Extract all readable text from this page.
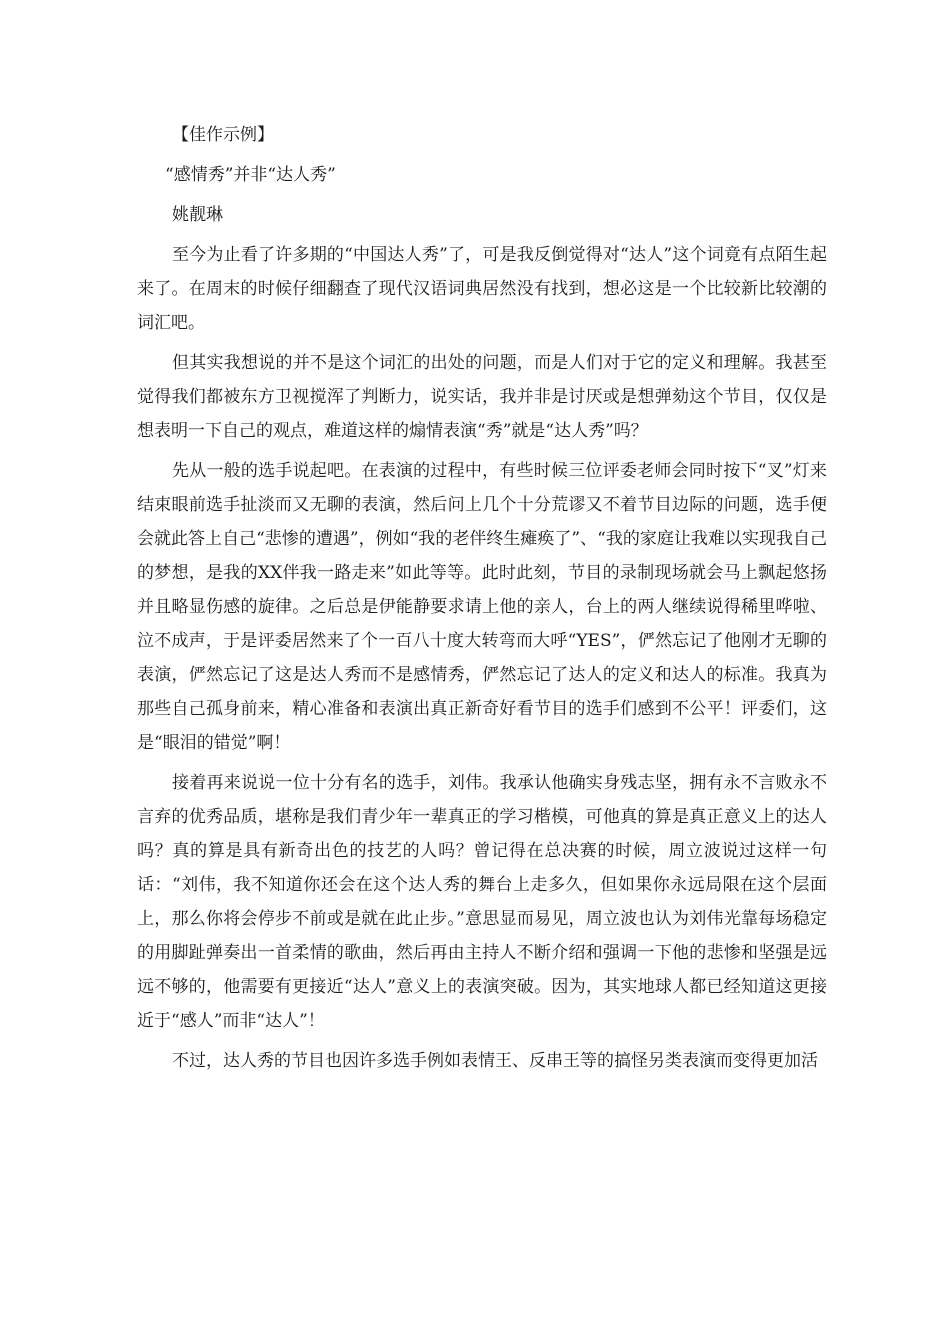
【佳作示例】

“感情秀”并非“达人秀”

姚靓琳

至今为止看了许多期的“中国达人秀”了，可是我反倒觉得对“达人”这个词竟有点陌生起来了。在周末的时候仔细翻查了现代汉语词典居然没有找到，想必这是一个比较新比较潮的词汇吧。

但其实我想说的并不是这个词汇的出处的问题，而是人们对于它的定义和理解。我甚至觉得我们都被东方卫视搅浑了判断力，说实话，我并非是讨厌或是想弹劾这个节目，仅仅是想表明一下自己的观点，难道这样的煽情表演“秀”就是“达人秀”吗？

先从一般的选手说起吧。在表演的过程中，有些时候三位评委老师会同时按下“叉”灯来结束眼前选手扯淡而又无聊的表演，然后问上几个十分荒谬又不着节目边际的问题，选手便会就此答上自己“悲惨的遭遇”，例如“我的老伴终生瘫痪了”、“我的家庭让我难以实现我自己的梦想，是我的XX伴我一路走来”如此等等。此时此刻，节目的录制现场就会马上飘起悠扬并且略显伤感的旋律。之后总是伊能静要求请上他的亲人，台上的两人继续说得稀里哗啦、泣不成声，于是评委居然来了个一百八十度大转弯而大呼“YES”，俨然忘记了他刚才无聊的表演，俨然忘记了这是达人秀而不是感情秀，俨然忘记了达人的定义和达人的标准。我真为那些自己孤身前来，精心准备和表演出真正新奇好看节目的选手们感到不公平！评委们，这是“眼泪的错觉”啊！

接着再来说说一位十分有名的选手，刘伟。我承认他确实身残志坚，拥有永不言败永不言弃的优秀品质，堪称是我们青少年一辈真正的学习楷模，可他真的算是真正意义上的达人吗？真的算是具有新奇出色的技艺的人吗？曾记得在总决赛的时候，周立波说过这样一句话：“刘伟，我不知道你还会在这个达人秀的舞台上走多久，但如果你永远局限在这个层面上，那么你将会停步不前或是就在此止步。”意思显而易见，周立波也认为刘伟光靠每场稳定的用脚趾弹奏出一首柔情的歌曲，然后再由主持人不断介绍和强调一下他的悲惨和坚强是远远不够的，他需要有更接近“达人”意义上的表演突破。因为，其实地球人都已经知道这更接近于“感人”而非“达人”！

不过，达人秀的节目也因许多选手例如表情王、反串王等的搞怪另类表演而变得更加活
